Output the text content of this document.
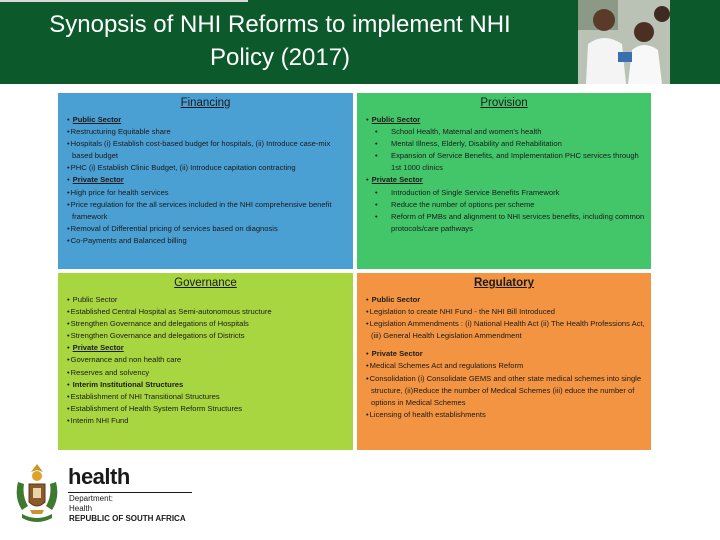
Synopsis of NHI Reforms to implement NHI
Policy (2017)
Financing
• Public Sector
• Restructuring Equitable share
• Hospitals (i) Establish cost-based budget for hospitals, (ii) Introduce case-mix based budget
• PHC (i) Establish Clinic Budget, (ii) Introduce capitation contracting
• Private Sector
• High price for health services
• Price regulation for the all services included in the NHI comprehensive benefit framework
• Removal of Differential pricing of services based on diagnosis
• Co-Payments and Balanced billing
Provision
• Public Sector
• School Health, Maternal and women's health
• Mental Illness, Elderly, Disability and Rehabilitation
• Expansion of Service Benefits, and Implementation PHC services through 1st 1000 clinics
• Private Sector
• Introduction of Single Service Benefits Framework
• Reduce the number of options per scheme
• Reform of PMBs and alignment to NHI services benefits, including common protocols/care pathways
Governance
• Public Sector
• Established Central Hospital as Semi-autonomous structure
• Strengthen Governance and delegations of Hospitals
• Strengthen Governance and delegations of Districts
• Private Sector
• Governance and non health care
• Reserves and solvency
• Interim Institutional Structures
• Establishment of NHI Transitional Structures
• Establishment of Health System Reform Structures
• Interim NHI Fund
Regulatory
• Public Sector
• Legislation to create NHI Fund - the NHI Bill Introduced
• Legislation Ammendments : (i) National Health Act (ii) The Health Professions Act, (iii) General Health Legislation Ammendment
• Private Sector
• Medical Schemes Act and regulations Reform
• Consolidation (i) Consolidate GEMS and other state medical schemes into single structure, (ii)Reduce the number of Medical Schemes (iii) educe the number of options in Medical Schemes
• Licensing of health establishments
health
Department:
Health
REPUBLIC OF SOUTH AFRICA
